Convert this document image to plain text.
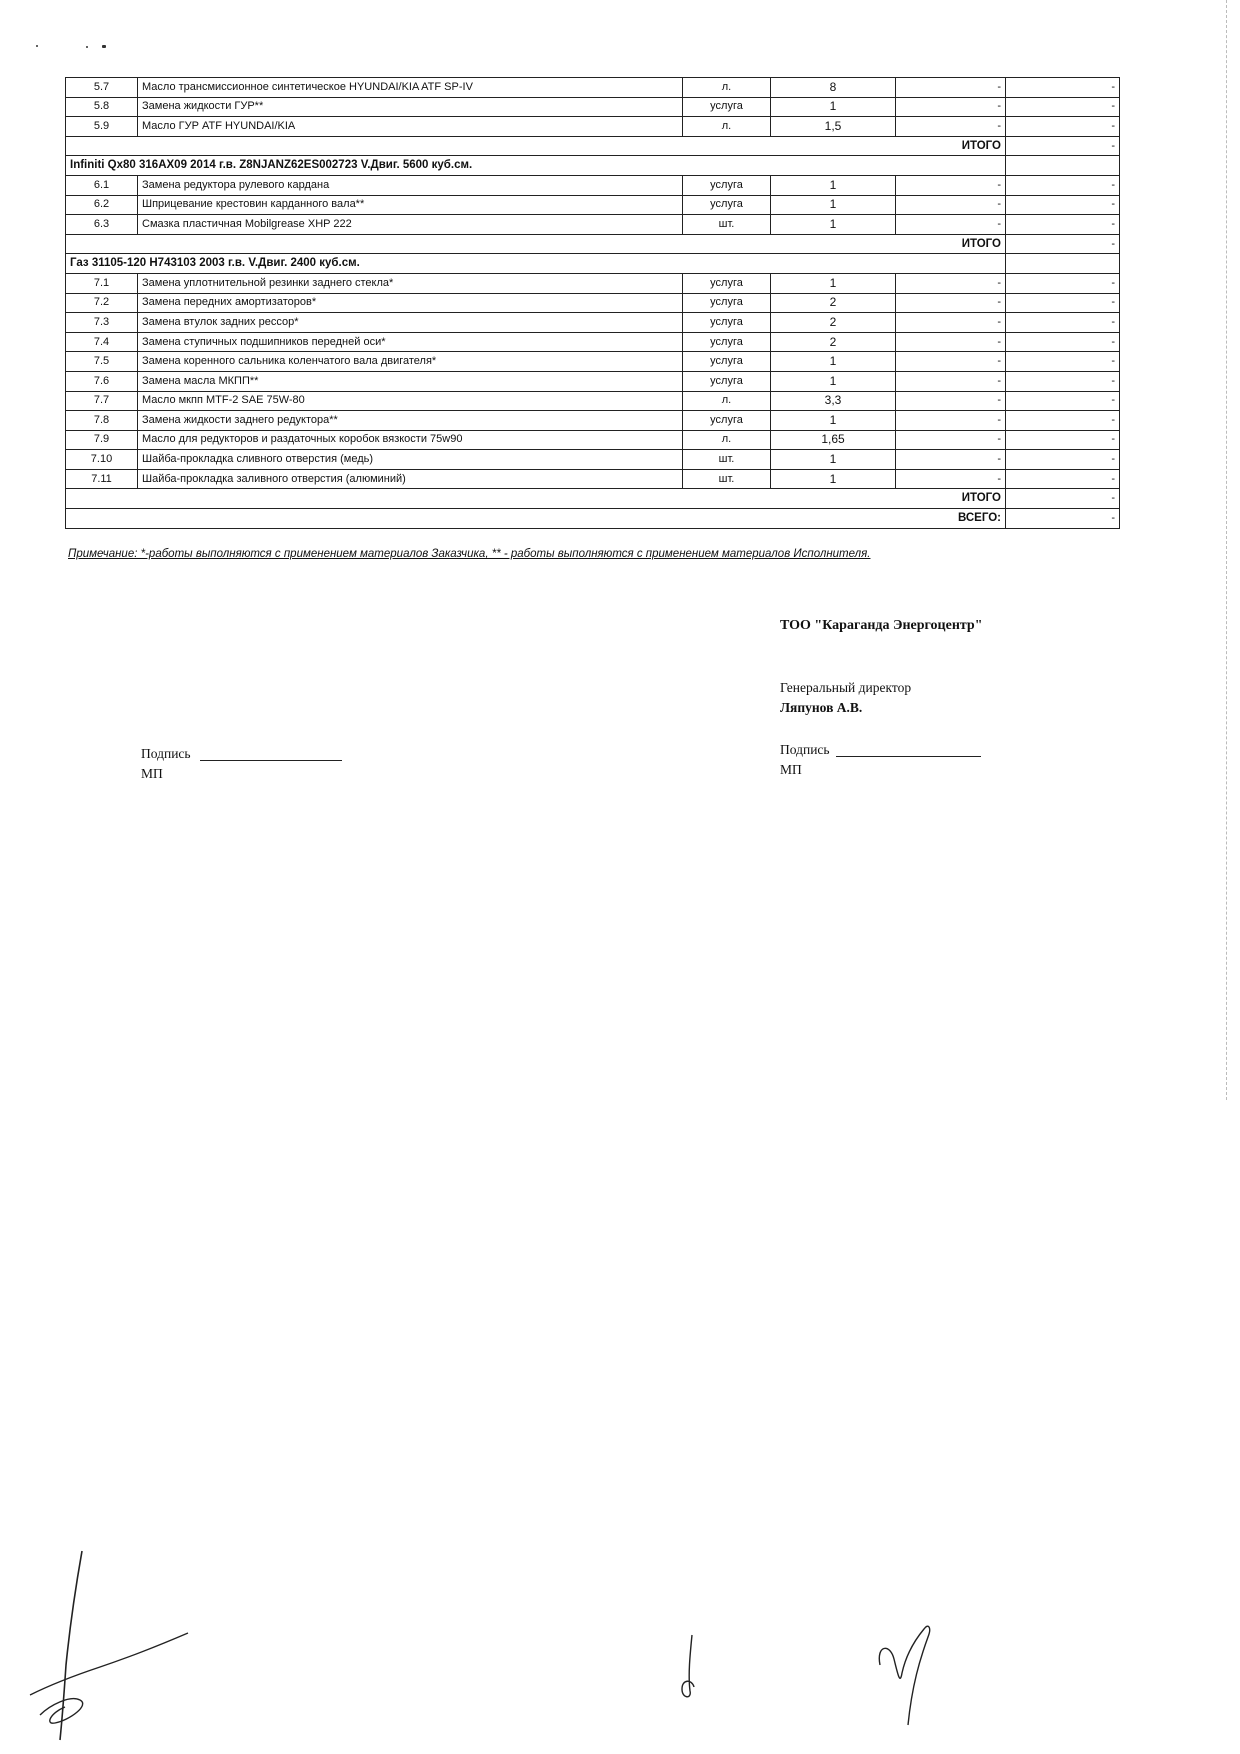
5.7	Масло трансмиссионное синтетическое HYUNDAI/KIA ATF SP-IV	л.	8	-	-
5.8	Замена жидкости ГУР**	услуга	1	-	-
5.9	Масло ГУР ATF HYUNDAI/KIA	л.	1,5	-	-
ИТОГО					-
Infiniti Qx80 316AX09 2014 г.в. Z8NJANZ62ES002723 V.Двиг. 5600 куб.см.					
6.1	Замена редуктора рулевого кардана	услуга	1	-	-
6.2	Шприцевание крестовин карданного вала**	услуга	1	-	-
6.3	Смазка пластичная Mobilgrease XHP 222	шт.	1	-	-
ИТОГО					-
Газ 31105-120 H743103 2003 г.в. V.Двиг. 2400 куб.см.					
7.1	Замена уплотнительной резинки заднего стекла*	услуга	1	-	-
7.2	Замена передних амортизаторов*	услуга	2	-	-
7.3	Замена втулок задних рессор*	услуга	2	-	-
7.4	Замена ступичных подшипников передней оси*	услуга	2	-	-
7.5	Замена коренного сальника коленчатого вала двигателя*	услуга	1	-	-
7.6	Замена масла МКПП**	услуга	1	-	-
7.7	Масло мкпп MTF-2 SAE 75W-80	л.	3,3	-	-
7.8	Замена жидкости заднего редуктора**	услуга	1	-	-
7.9	Масло для редукторов и раздаточных коробок вязкости 75w90	л.	1,65	-	-
7.10	Шайба-прокладка сливного отверстия (медь)	шт.	1	-	-
7.11	Шайба-прокладка заливного отверстия (алюминий)	шт.	1	-	-
ИТОГО					-
ВСЕГО:					-
Примечание: *-работы выполняются с применением материалов Заказчика, ** - работы выполняются с применением материалов Исполнителя.
ТОО "Караганда Энергоцентр"
Генеральный директор
Ляпунов А.В.
Подпись
МП
Подпись
МП
